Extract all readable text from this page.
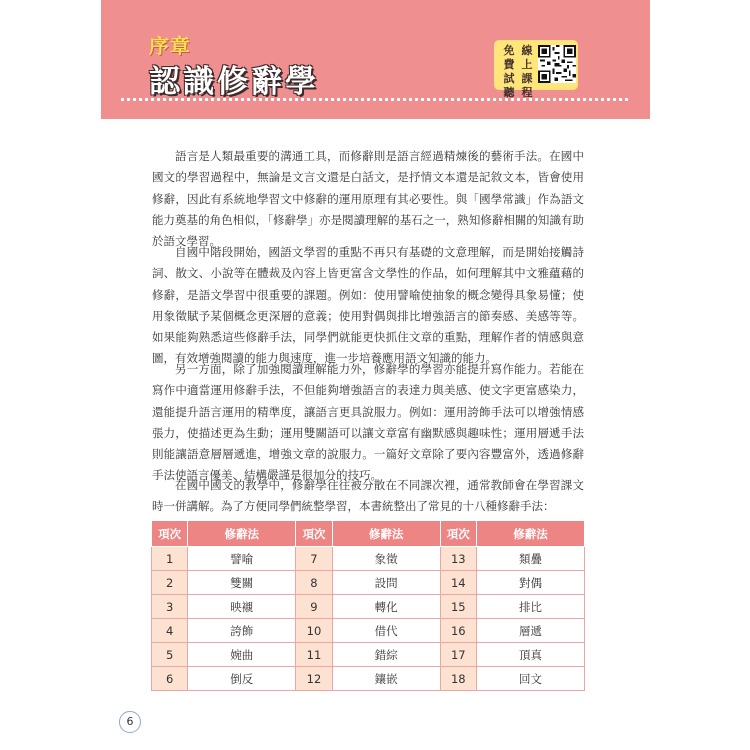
序章
認識修辭學
免 線
費 上
試 課
聽 程

語言是人類最重要的溝通工具，而修辭則是語言經過精煉後的藝術手法。在國中國文的學習過程中，無論是文言文還是白話文，是抒情文本還是記敘文本，皆會使用修辭，因此有系統地學習文中修辭的運用原理有其必要性。與「國學常識」作為語文能力奠基的角色相似，「修辭學」亦是閱讀理解的基石之一，熟知修辭相關的知識有助於語文學習。

自國中階段開始，國語文學習的重點不再只有基礎的文意理解，而是開始接觸詩詞、散文、小說等在體裁及內容上皆更富含文學性的作品，如何理解其中文雅蘊藉的修辭，是語文學習中很重要的課題。例如：使用譬喻使抽象的概念變得具象易懂；使用象徵賦予某個概念更深層的意義；使用對偶與排比增強語言的節奏感、美感等等。如果能夠熟悉這些修辭手法，同學們就能更快抓住文章的重點，理解作者的情感與意圖，有效增強閱讀的能力與速度，進一步培養應用語文知識的能力。

另一方面，除了加強閱讀理解能力外，修辭學的學習亦能提升寫作能力。若能在寫作中適當運用修辭手法，不但能夠增強語言的表達力與美感、使文字更富感染力，還能提升語言運用的精準度，讓語言更具說服力。例如：運用誇飾手法可以增強情感張力，使描述更為生動；運用雙關語可以讓文章富有幽默感與趣味性；運用層遞手法則能讓語意層層遞進，增強文章的說服力。一篇好文章除了要內容豐富外，透過修辭手法使語言優美、結構嚴謹是很加分的技巧。

在國中國文的教學中，修辭學往往被分散在不同課次裡，通常教師會在學習課文時一併講解。為了方便同學們統整學習，本書統整出了常見的十八種修辭手法：

項次	修辭法	項次	修辭法	項次	修辭法
1	譬喻	7	象徵	13	類疊
2	雙關	8	設問	14	對偶
3	映襯	9	轉化	15	排比
4	誇飾	10	借代	16	層遞
5	婉曲	11	錯綜	17	頂真
6	倒反	12	鑲嵌	18	回文
6
